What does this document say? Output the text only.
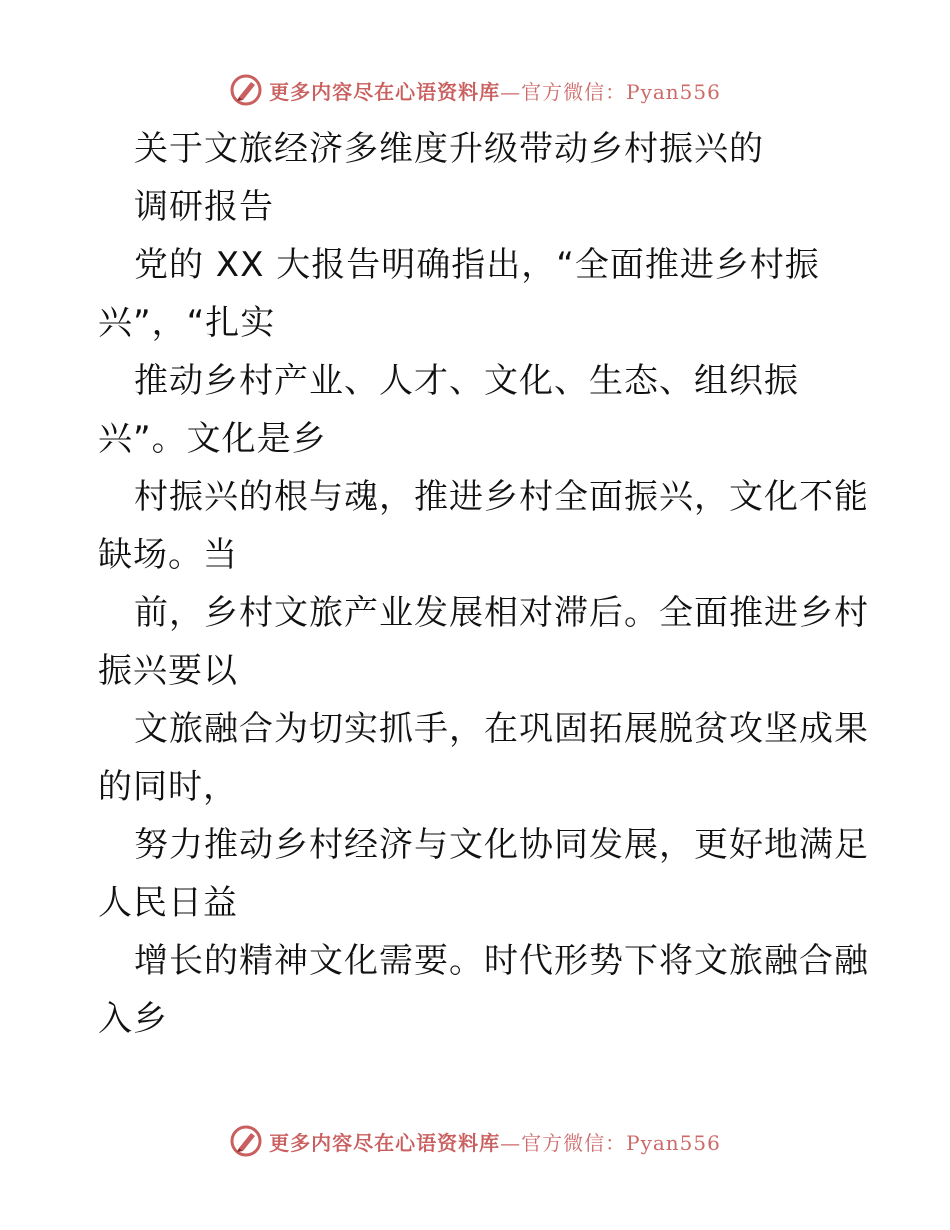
更多内容尽在心语资料库—官方微信：Pyan556
关于文旅经济多维度升级带动乡村振兴的
调研报告
党的 XX 大报告明确指出，“全面推进乡村振
兴”，“扎实
推动乡村产业、人才、文化、生态、组织振
兴”。文化是乡
村振兴的根与魂，推进乡村全面振兴，文化不能
缺场。当
前，乡村文旅产业发展相对滞后。全面推进乡村
振兴要以
文旅融合为切实抓手，在巩固拓展脱贫攻坚成果
的同时，
努力推动乡村经济与文化协同发展，更好地满足
人民日益
增长的精神文化需要。时代形势下将文旅融合融
入乡
更多内容尽在心语资料库—官方微信：Pyan556
